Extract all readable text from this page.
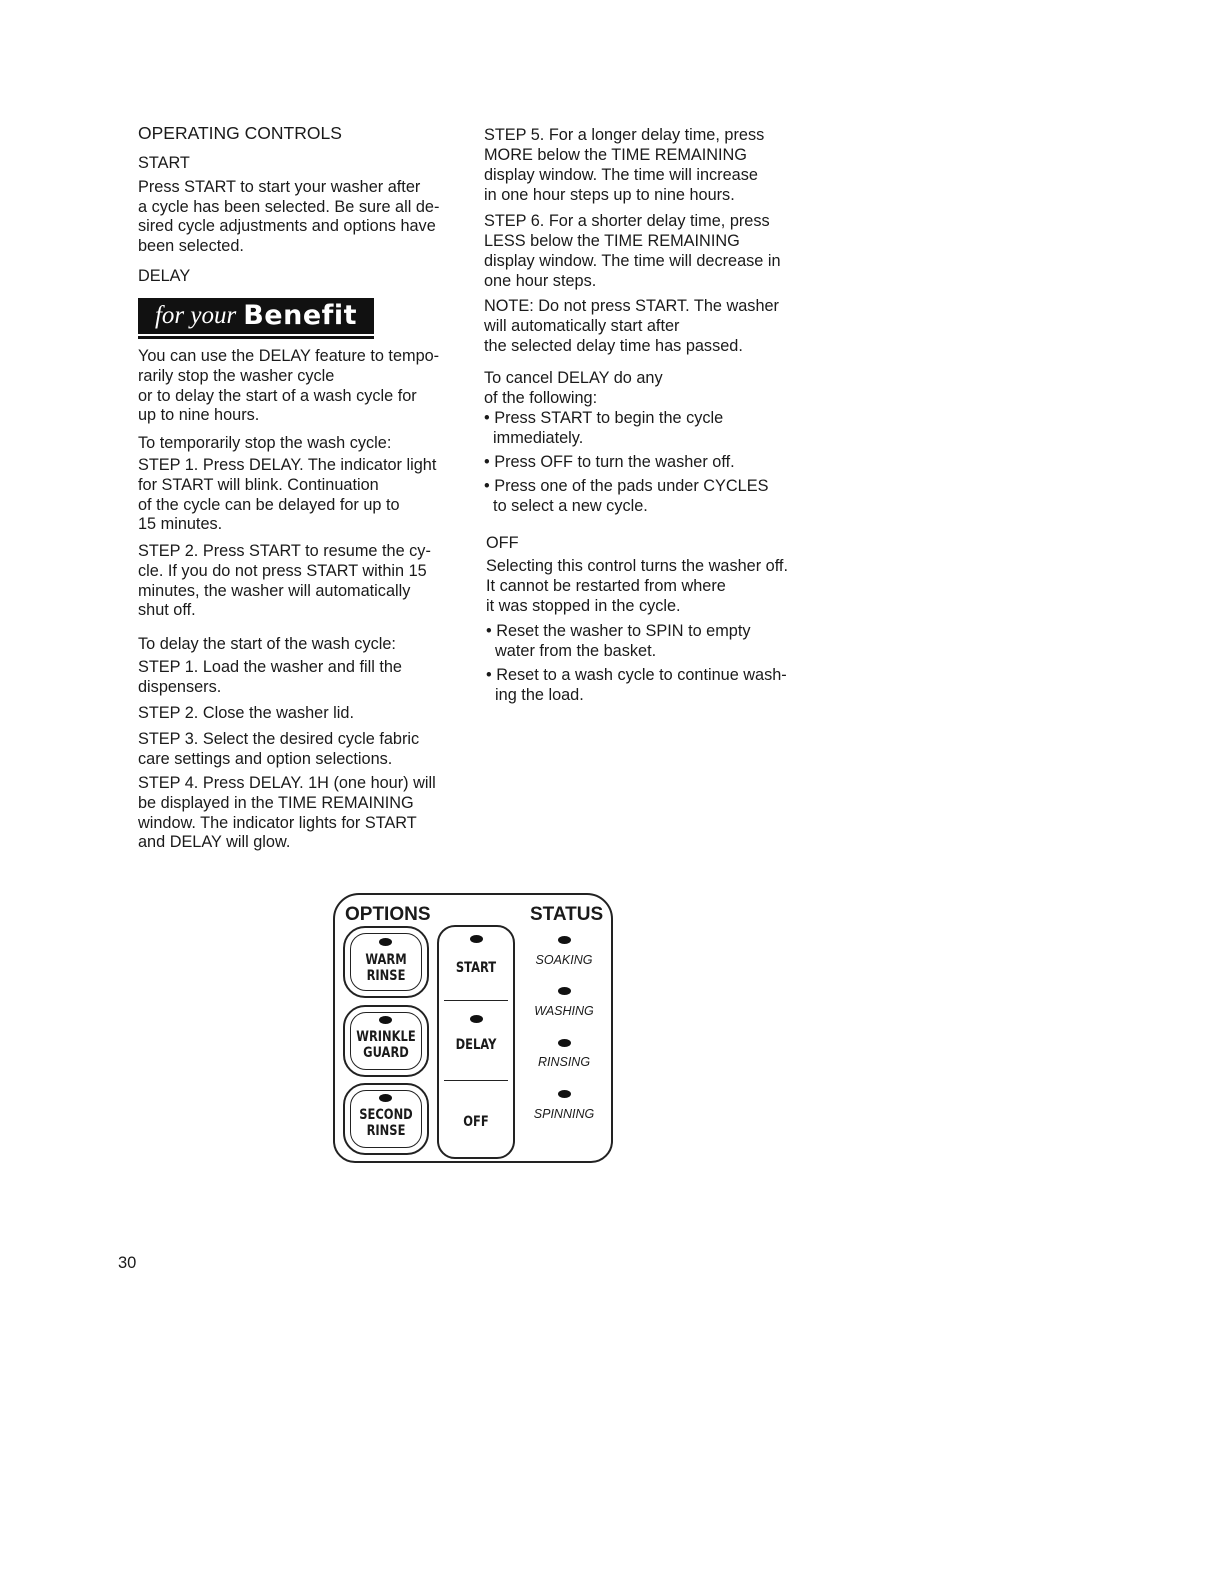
OPERATING CONTROLS
START
Press START to start your washer after
a cycle has been selected. Be sure all de-
sired cycle adjustments and options have
been selected.
DELAY
for your Benefit
You can use the DELAY feature to tempo-
rarily stop the washer cycle
or to delay the start of a wash cycle for
up to nine hours.
To temporarily stop the wash cycle:
STEP 1. Press DELAY. The indicator light
for START will blink. Continuation
of the cycle can be delayed for up to
15 minutes.
STEP 2. Press START to resume the cy-
cle. If you do not press START within 15
minutes, the washer will automatically
shut off.
To delay the start of the wash cycle:
STEP 1. Load the washer and fill the
dispensers.
STEP 2. Close the washer lid.
STEP 3. Select the desired cycle fabric
care settings and option selections.
STEP 4. Press DELAY. 1H (one hour) will
be displayed in the TIME REMAINING
window. The indicator lights for START
and DELAY will glow.
STEP 5. For a longer delay time, press
MORE below the TIME REMAINING
display window. The time will increase
in one hour steps up to nine hours.
STEP 6. For a shorter delay time, press
LESS below the TIME REMAINING
display window. The time will decrease in
one hour steps.
NOTE: Do not press START. The washer
will automatically start after
the selected delay time has passed.
To cancel DELAY do any
of the following:
• Press START to begin the cycle
immediately.
• Press OFF to turn the washer off.
• Press one of the pads under CYCLES
to select a new cycle.
OFF
Selecting this control turns the washer off.
It cannot be restarted from where
it was stopped in the cycle.
• Reset the washer to SPIN to empty
water from the basket.
• Reset to a wash cycle to continue wash-
ing the load.
OPTIONS	STATUS
WARM
RINSE
WRINKLE
GUARD
SECOND
RINSE
START
DELAY
OFF
SOAKING
WASHING
RINSING
SPINNING
30
